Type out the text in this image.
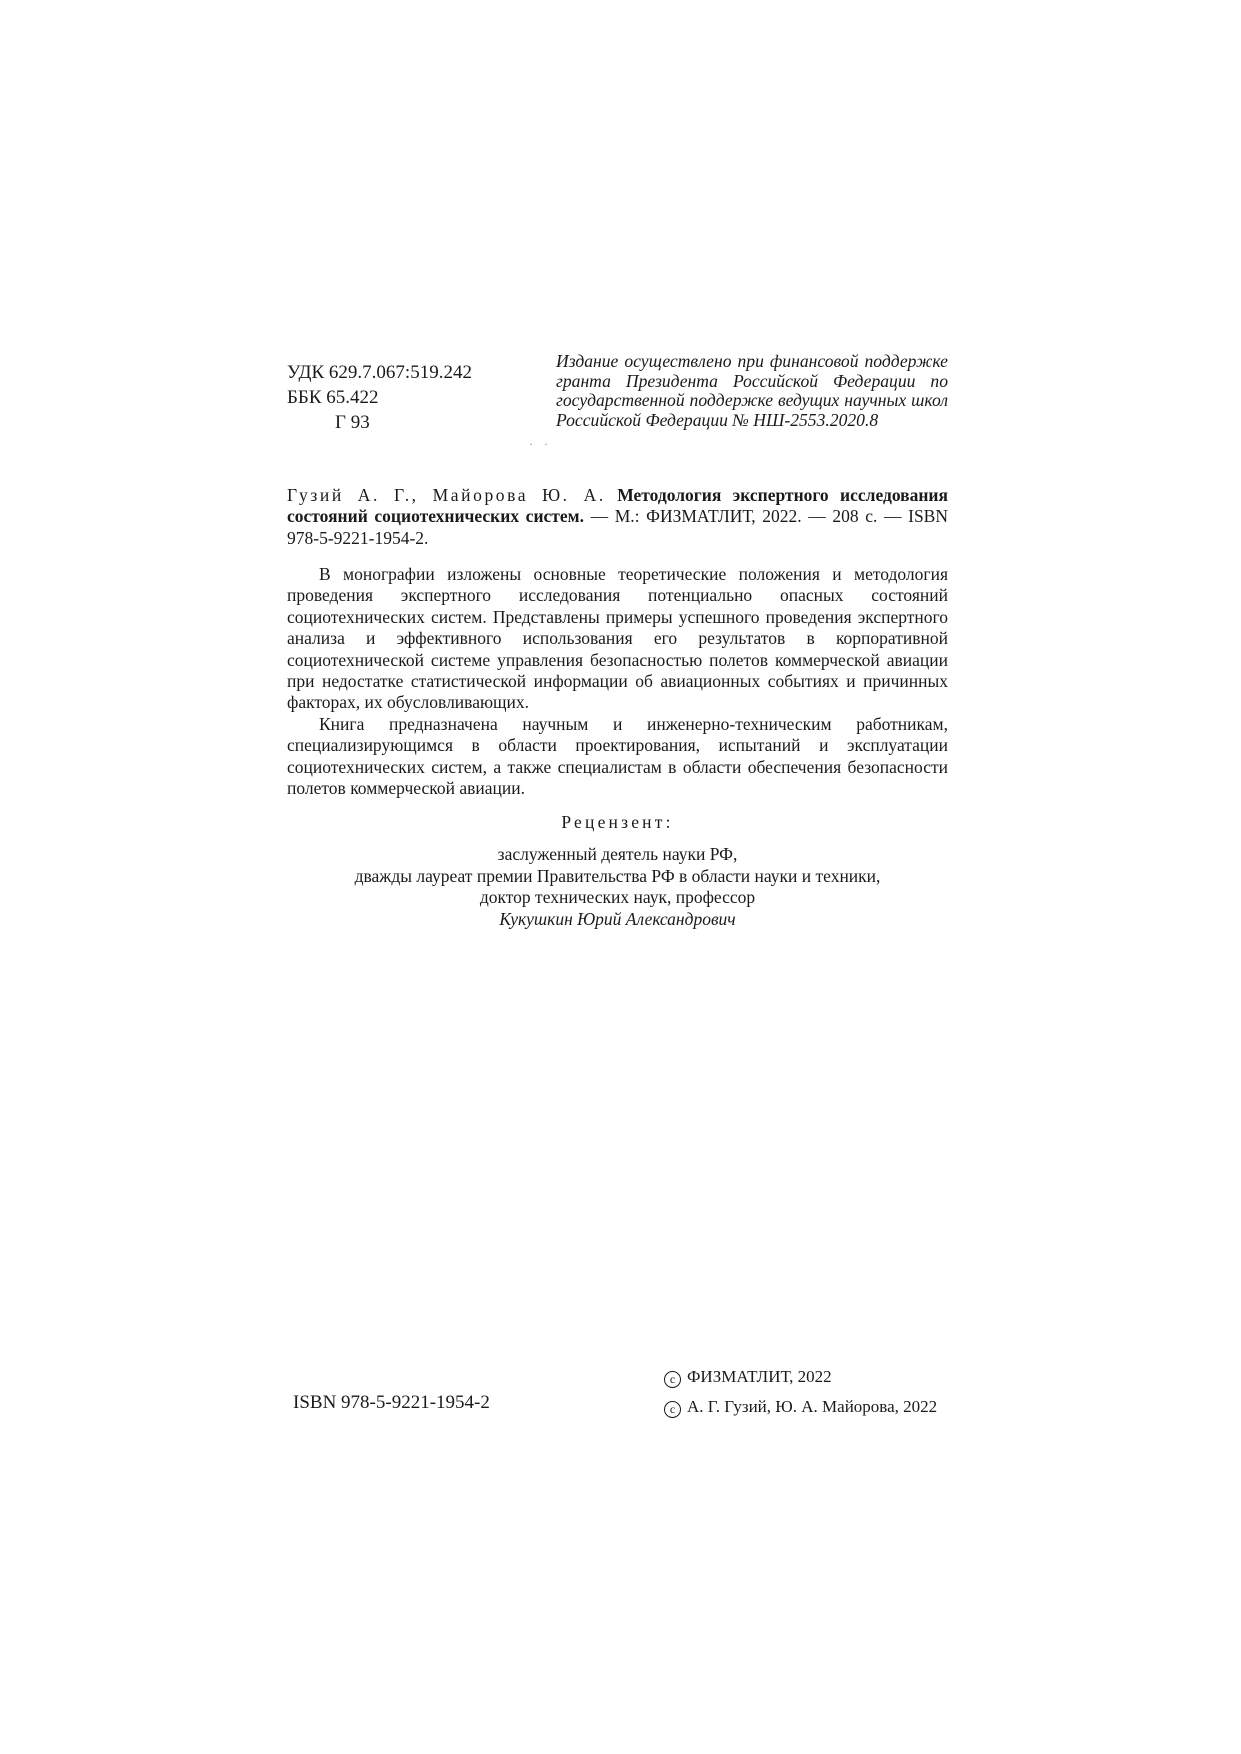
УДК 629.7.067:519.242
ББК 65.422
Г 93
Издание осуществлено при финансовой поддержке гранта Президента Российской Федерации по государственной поддержке ведущих научных школ Российской Федерации № НШ-2553.2020.8
· ·
Гузий А. Г., Майорова Ю. А. Методология экспертного исследования состояний социотехнических систем. — М.: ФИЗМАТЛИТ, 2022. — 208 с. — ISBN 978-5-9221-1954-2.

В монографии изложены основные теоретические положения и методология проведения экспертного исследования потенциально опасных состояний социотехнических систем. Представлены примеры успешного проведения экспертного анализа и эффективного использования его результатов в корпоративной социотехнической системе управления безопасностью полетов коммерческой авиации при недостатке статистической информации об авиационных событиях и причинных факторах, их обусловливающих.

Книга предназначена научным и инженерно-техническим работникам, специализирующимся в области проектирования, испытаний и эксплуатации социотехнических систем, а также специалистам в области обеспечения безопасности полетов коммерческой авиации.

Рецензент:
заслуженный деятель науки РФ,
дважды лауреат премии Правительства РФ в области науки и техники,
доктор технических наук, профессор
Кукушкин Юрий Александрович
ISBN 978-5-9221-1954-2
c ФИЗМАТЛИТ, 2022
c А. Г. Гузий, Ю. А. Майорова, 2022
